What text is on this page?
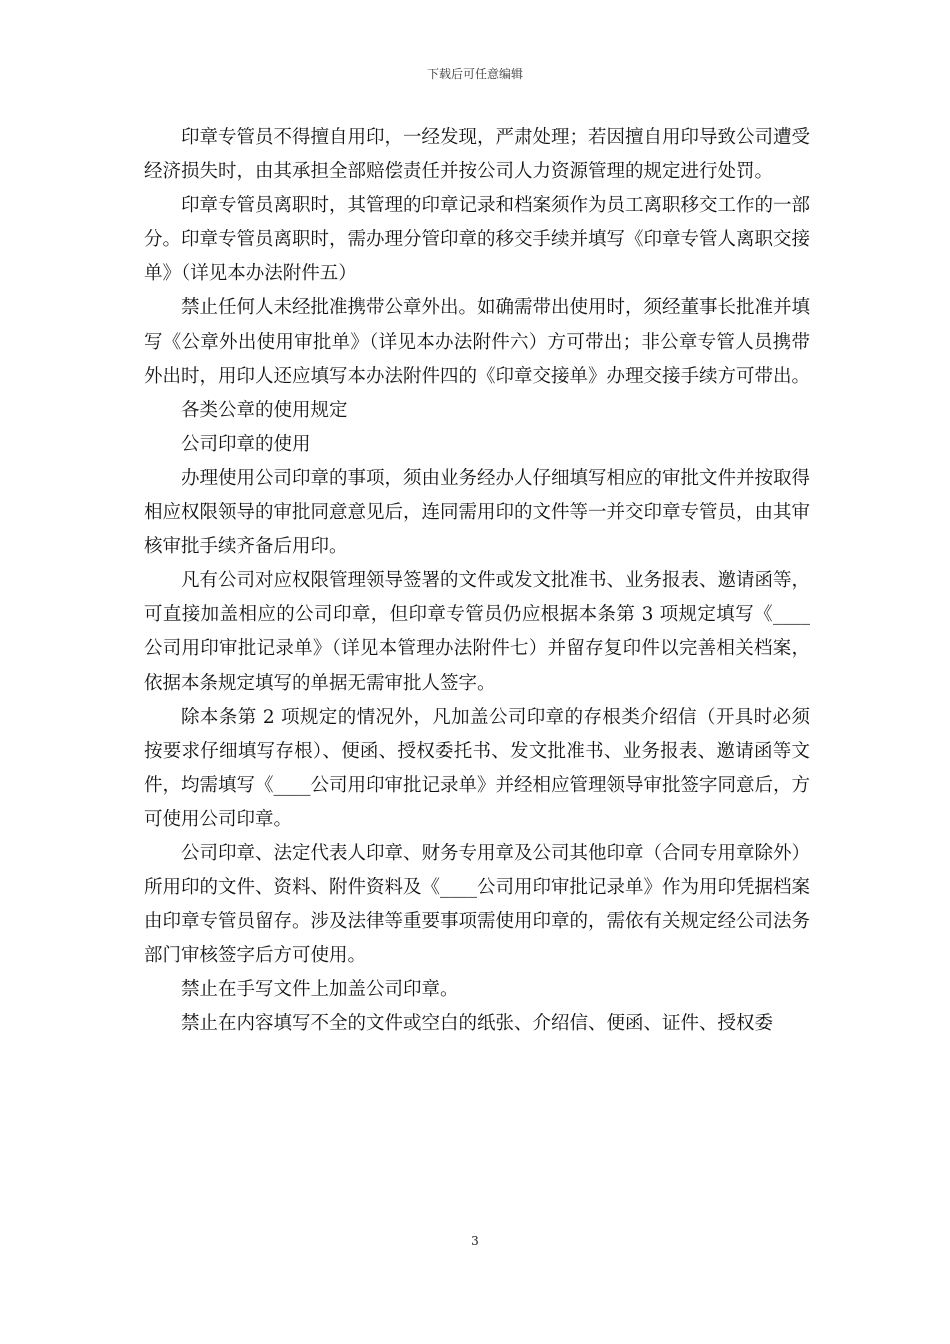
下载后可任意编辑

印章专管员不得擅自用印，一经发现，严肃处理；若因擅自用印导致公司遭受经济损失时，由其承担全部赔偿责任并按公司人力资源管理的规定进行处罚。

印章专管员离职时，其管理的印章记录和档案须作为员工离职移交工作的一部分。印章专管员离职时，需办理分管印章的移交手续并填写《印章专管人离职交接单》（详见本办法附件五）

禁止任何人未经批准携带公章外出。如确需带出使用时，须经董事长批准并填写《公章外出使用审批单》（详见本办法附件六）方可带出；非公章专管人员携带外出时，用印人还应填写本办法附件四的《印章交接单》办理交接手续方可带出。

各类公章的使用规定

公司印章的使用

办理使用公司印章的事项，须由业务经办人仔细填写相应的审批文件并按取得相应权限领导的审批同意意见后，连同需用印的文件等一并交印章专管员，由其审核审批手续齐备后用印。

凡有公司对应权限管理领导签署的文件或发文批准书、业务报表、邀请函等，可直接加盖相应的公司印章，但印章专管员仍应根据本条第 3 项规定填写《____公司用印审批记录单》（详见本管理办法附件七）并留存复印件以完善相关档案，依据本条规定填写的单据无需审批人签字。

除本条第 2 项规定的情况外，凡加盖公司印章的存根类介绍信（开具时必须按要求仔细填写存根）、便函、授权委托书、发文批准书、业务报表、邀请函等文件，均需填写《____公司用印审批记录单》并经相应管理领导审批签字同意后，方可使用公司印章。

公司印章、法定代表人印章、财务专用章及公司其他印章（合同专用章除外）所用印的文件、资料、附件资料及《____公司用印审批记录单》作为用印凭据档案由印章专管员留存。涉及法律等重要事项需使用印章的，需依有关规定经公司法务部门审核签字后方可使用。

禁止在手写文件上加盖公司印章。

禁止在内容填写不全的文件或空白的纸张、介绍信、便函、证件、授权委

3
